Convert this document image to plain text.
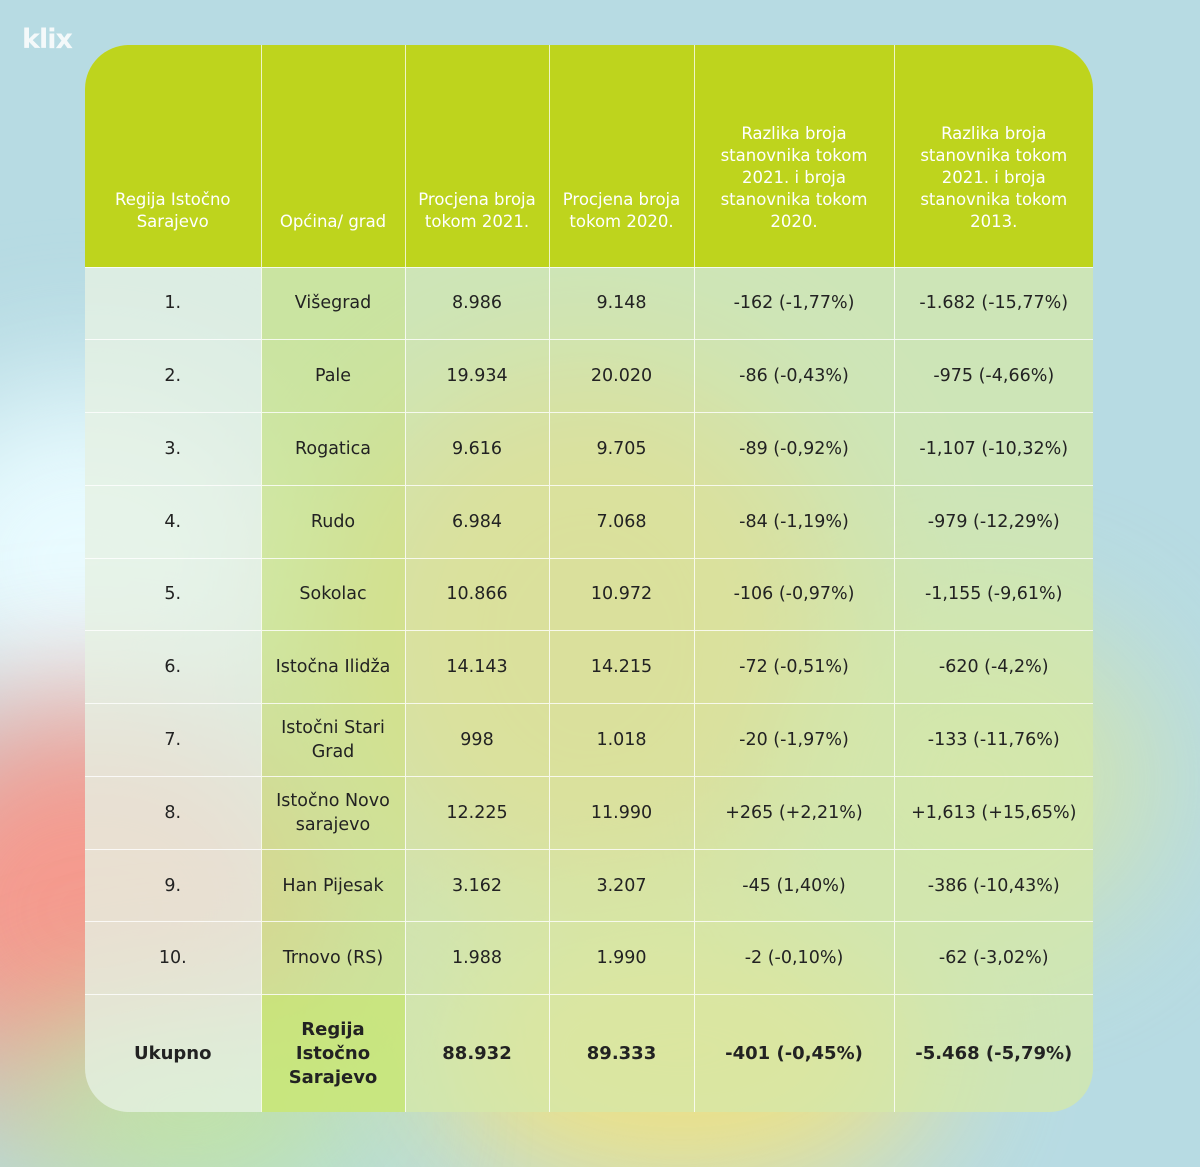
klix
Regija Istočno Sarajevo	Općina/ grad	Procjena broja tokom 2021.	Procjena broja tokom 2020.	Razlika broja stanovnika tokom 2021. i broja stanovnika tokom 2020.	Razlika broja stanovnika tokom 2021. i broja stanovnika tokom 2013.
1.	Višegrad	8.986	9.148	-162 (-1,77%)	-1.682 (-15,77%)
2.	Pale	19.934	20.020	-86 (-0,43%)	-975 (-4,66%)
3.	Rogatica	9.616	9.705	-89 (-0,92%)	-1,107 (-10,32%)
4.	Rudo	6.984	7.068	-84 (-1,19%)	-979 (-12,29%)
5.	Sokolac	10.866	10.972	-106 (-0,97%)	-1,155 (-9,61%)
6.	Istočna Ilidža	14.143	14.215	-72 (-0,51%)	-620 (-4,2%)
7.	Istočni Stari Grad	998	1.018	-20 (-1,97%)	-133 (-11,76%)
8.	Istočno Novo sarajevo	12.225	11.990	+265 (+2,21%)	+1,613 (+15,65%)
9.	Han Pijesak	3.162	3.207	-45 (1,40%)	-386 (-10,43%)
10.	Trnovo (RS)	1.988	1.990	-2 (-0,10%)	-62 (-3,02%)
Ukupno	Regija Istočno Sarajevo	88.932	89.333	-401 (-0,45%)	-5.468 (-5,79%)
